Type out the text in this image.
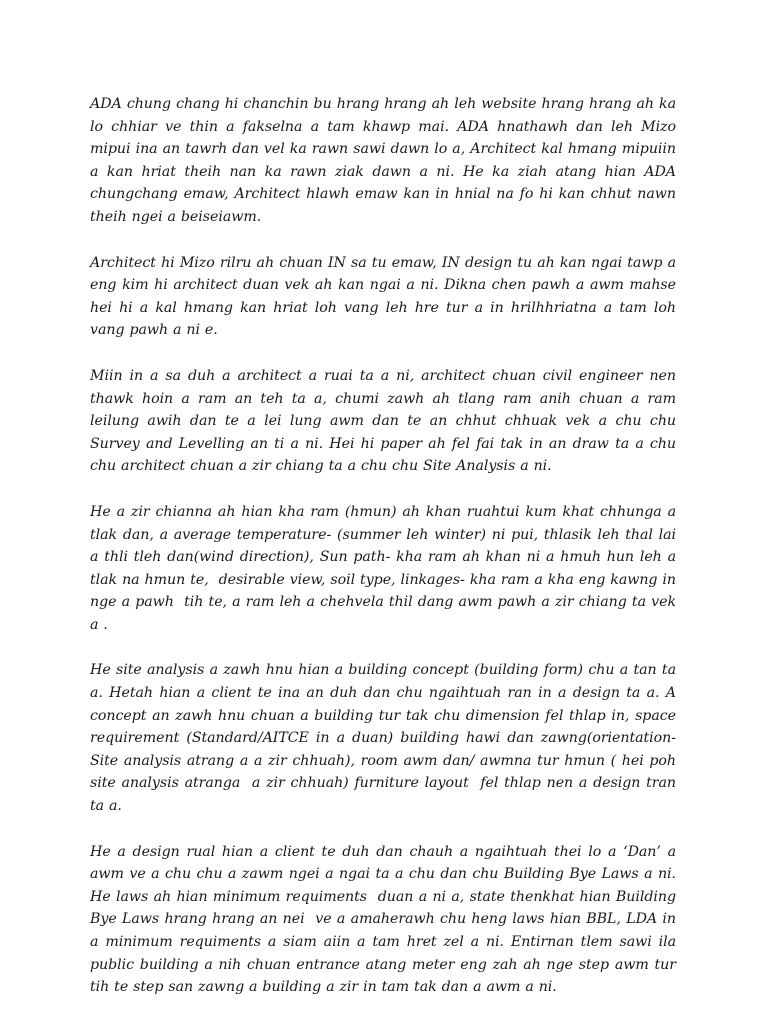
ADA chung chang hi chanchin bu hrang hrang ah leh website hrang hrang ah ka lo chhiar ve thin a fakselna a tam khawp mai. ADA hnathawh dan leh Mizo mipui ina an tawrh dan vel ka rawn sawi dawn lo a, Architect kal hmang mipuiin a kan hriat theih nan ka rawn ziak dawn a ni. He ka ziah atang hian ADA chungchang emaw, Architect hlawh emaw kan in hnial na fo hi kan chhut nawn theih ngei a beiseiawm.

Architect hi Mizo rilru ah chuan IN sa tu emaw, IN design tu ah kan ngai tawp a eng kim hi architect duan vek ah kan ngai a ni. Dikna chen pawh a awm mahse hei hi a kal hmang kan hriat loh vang leh hre tur a in hrilhhriatna a tam loh vang pawh a ni e.

Miin in a sa duh a architect a ruai ta a ni, architect chuan civil engineer nen thawk hoin a ram an teh ta a, chumi zawh ah tlang ram anih chuan a ram leilung awih dan te a lei lung awm dan te an chhut chhuak vek a chu chu  Survey and Levelling an ti a ni. Hei hi paper ah fel fai tak in an draw ta a chu chu architect chuan a zir chiang ta a chu chu Site Analysis a ni.

He a zir chianna ah hian kha ram (hmun) ah khan ruahtui kum khat chhunga a tlak dan, a average temperature- (summer leh winter) ni pui, thlasik leh thal lai a thli tleh dan(wind direction), Sun path- kha ram ah khan ni a hmuh hun leh a tlak na hmun te,  desirable view, soil type, linkages- kha ram a kha eng kawng in nge a pawh  tih te, a ram leh a chehvela thil dang awm pawh a zir chiang ta vek a .

He site analysis a zawh hnu hian a building concept (building form) chu a tan ta a. Hetah hian a client te ina an duh dan chu ngaihtuah ran in a design ta a. A concept an zawh hnu chuan a building tur tak chu dimension fel thlap in, space requirement (Standard/AITCE in a duan) building hawi dan zawng(orientation- Site analysis atrang a a zir chhuah), room awm dan/ awmna tur hmun ( hei poh site analysis atranga  a zir chhuah) furniture layout  fel thlap nen a design tran ta a.

He a design rual hian a client te duh dan chauh a ngaihtuah thei lo a ‘Dan’ a awm ve a chu chu a zawm ngei a ngai ta a chu dan chu Building Bye Laws a ni. He laws ah hian minimum requiments  duan a ni a, state thenkhat hian Building Bye Laws hrang hrang an nei  ve a amaherawh chu heng laws hian BBL, LDA in a minimum requiments a siam aiin a tam hret zel a ni. Entirnan tlem sawi ila public building a nih chuan entrance atang meter eng zah ah nge step awm tur tih te step san zawng a building a zir in tam tak dan a awm a ni.
